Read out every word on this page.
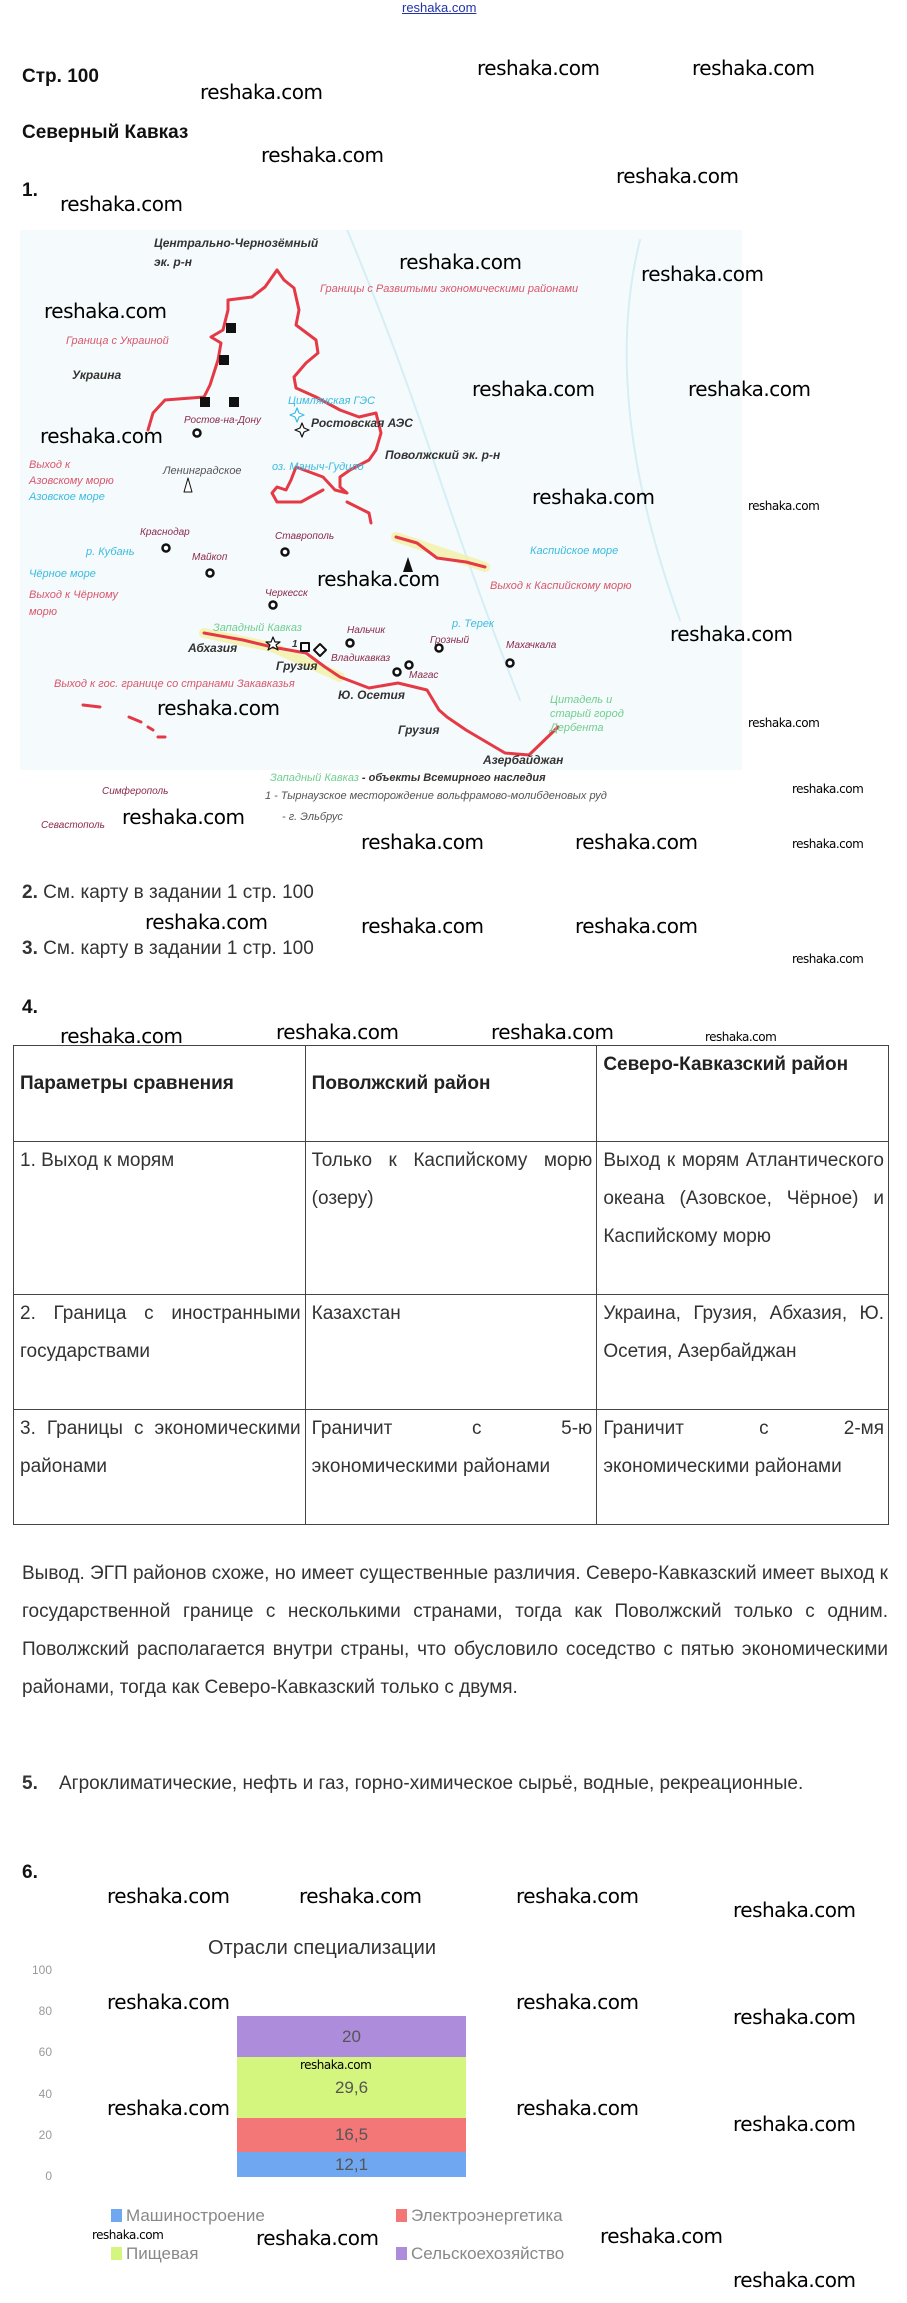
reshaka.com
Стр. 100
Северный Кавказ
1.
Центрально-Чернозёмный
эк. р-н
Границы с Развитыми экономическими районами
Граница с Украиной
Украина
Цимлянская ГЭС
Ростов-на-Дону	Ростовская АЭС
Поволжский эк. р-н
Выход к
Азовскому морю
Ленинградское
Азовское море
оз. Маныч-Гудило
Краснодар
р. Кубань
Ставрополь
Каспийское море
Майкоп
Чёрное море
Выход к Чёрному
морю
Черкесск
Выход к Каспийскому морю
Западный Кавказ	Нальчик
р. Терек
Грозный
Абхазия	Махачкала
1
Грузия
Владикавказ
Магас
Выход к гос. границе со странами Закавказья
Ю. Осетия	Цитадель и
старый город
Дербента
Грузия
Азербайджан
Симферополь
Севастополь
Западный Кавказ - объекты Всемирного наследия
1 - Тырнаузское месторождение вольфрамово-молибденовых руд
- г. Эльбрус
2. См. карту в задании 1 стр. 100
3. См. карту в задании 1 стр. 100
4.
Параметры сравнения	Поволжский район	Северо-Кавказский район
1. Выход к морям	Только к Каспийскому морю (озеру)	Выход к морям Атлантического океана (Азовское, Чёрное) и Каспийскому морю
2. Граница с иностранными государствами	Казахстан	Украина, Грузия, Абхазия, Ю. Осетия, Азербайджан
3. Границы с экономическими районами	Граничит с 5-ю экономическими районами	Граничит с 2-мя экономическими районами
Вывод. ЭГП районов схоже, но имеет существенные различия. Северо-Кавказский имеет выход к государственной границе с несколькими странами, тогда как Поволжский только с одним. Поволжский располагается внутри страны, что обусловило соседство с пятью экономическими районами, тогда как Северо-Кавказский только с двумя.
5. Агроклиматические, нефть и газ, горно-химическое сырьё, водные, рекреационные.
6.
Отрасли специализации
0
20
40
60
80
100
12,1
16,5
29,6
20
Машиностроение	Электроэнергетика
Пищевая	Сельскоехозяйство
reshaka.com	reshaka.com
reshaka.com
reshaka.com
reshaka.com
reshaka.com
reshaka.com	reshaka.com
reshaka.com
reshaka.com	reshaka.com
reshaka.com
reshaka.com	reshaka.com
reshaka.com
reshaka.com
reshaka.com
reshaka.com
reshaka.com
reshaka.com	reshaka.com
reshaka.com
reshaka.com
reshaka.com	reshaka.com	reshaka.com
reshaka.com
reshaka.com	reshaka.com	reshaka.com	reshaka.com
reshaka.com	reshaka.com	reshaka.com
reshaka.com
reshaka.com	reshaka.com
reshaka.com
reshaka.com	reshaka.com
reshaka.com
reshaka.com
reshaka.com	reshaka.com	reshaka.com
reshaka.com
